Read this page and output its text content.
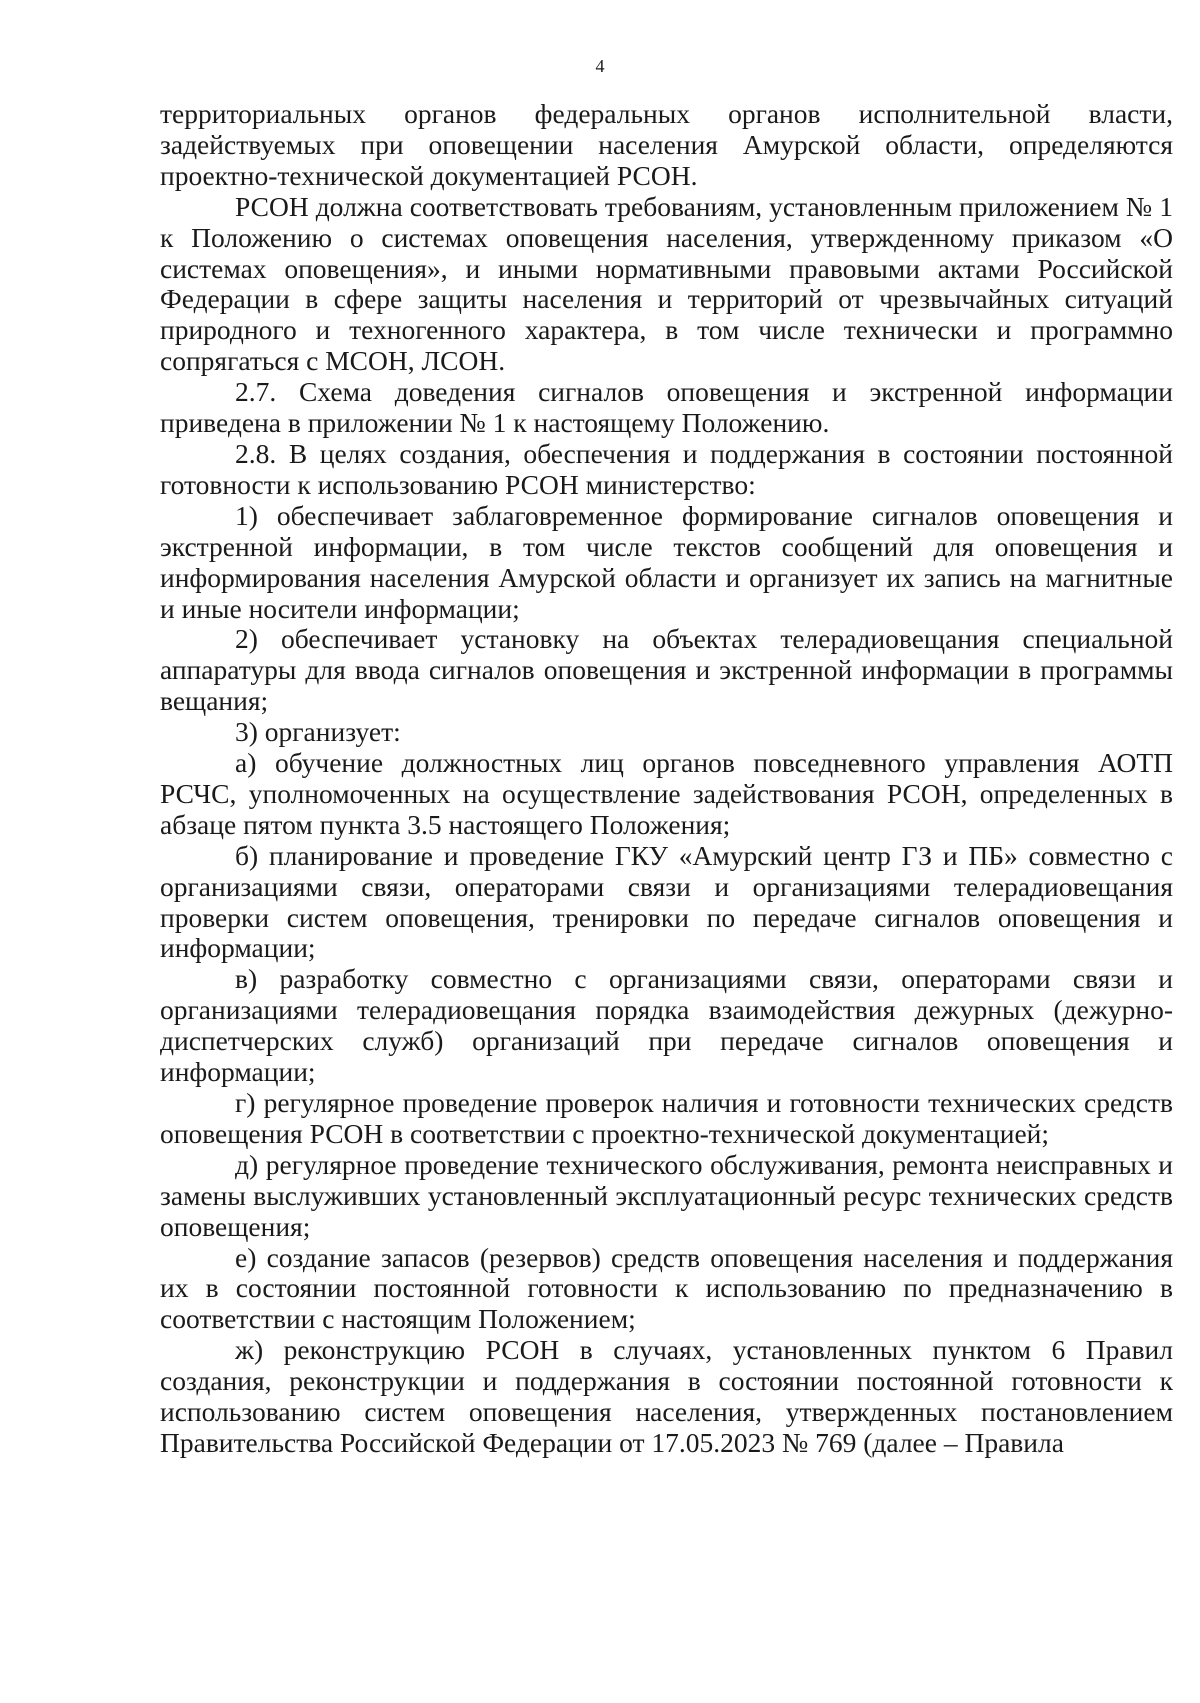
4

территориальных органов федеральных органов исполнительной власти, задействуемых при оповещении населения Амурской области, определяются проектно-технической документацией РСОН.

РСОН должна соответствовать требованиям, установленным приложением № 1 к Положению о системах оповещения населения, утвержденному приказом «О системах оповещения», и иными нормативными правовыми актами Российской Федерации в сфере защиты населения и территорий от чрезвычайных ситуаций природного и техногенного характера, в том числе технически и программно сопрягаться с МСОН, ЛСОН.

2.7. Схема доведения сигналов оповещения и экстренной информации приведена в приложении № 1 к настоящему Положению.

2.8. В целях создания, обеспечения и поддержания в состоянии постоянной готовности к использованию РСОН министерство:

1) обеспечивает заблаговременное формирование сигналов оповещения и экстренной информации, в том числе текстов сообщений для оповещения и информирования населения Амурской области и организует их запись на магнитные и иные носители информации;

2) обеспечивает установку на объектах телерадиовещания специальной аппаратуры для ввода сигналов оповещения и экстренной информации в программы вещания;

3) организует:

а) обучение должностных лиц органов повседневного управления АОТП РСЧС, уполномоченных на осуществление задействования РСОН, определенных в абзаце пятом пункта 3.5 настоящего Положения;

б) планирование и проведение ГКУ «Амурский центр ГЗ и ПБ» совместно с организациями связи, операторами связи и организациями телерадиовещания проверки систем оповещения, тренировки по передаче сигналов оповещения и информации;

в) разработку совместно с организациями связи, операторами связи и организациями телерадиовещания порядка взаимодействия дежурных (дежурно-диспетчерских служб) организаций при передаче сигналов оповещения и информации;

г) регулярное проведение проверок наличия и готовности технических средств оповещения РСОН в соответствии с проектно-технической документацией;

д) регулярное проведение технического обслуживания, ремонта неисправных и замены выслуживших установленный эксплуатационный ресурс технических средств оповещения;

е) создание запасов (резервов) средств оповещения населения и поддержания их в состоянии постоянной готовности к использованию по предназначению в соответствии с настоящим Положением;

ж) реконструкцию РСОН в случаях, установленных пунктом 6 Правил создания, реконструкции и поддержания в состоянии постоянной готовности к использованию систем оповещения населения, утвержденных постановлением Правительства Российской Федерации от 17.05.2023 № 769 (далее – Правила
